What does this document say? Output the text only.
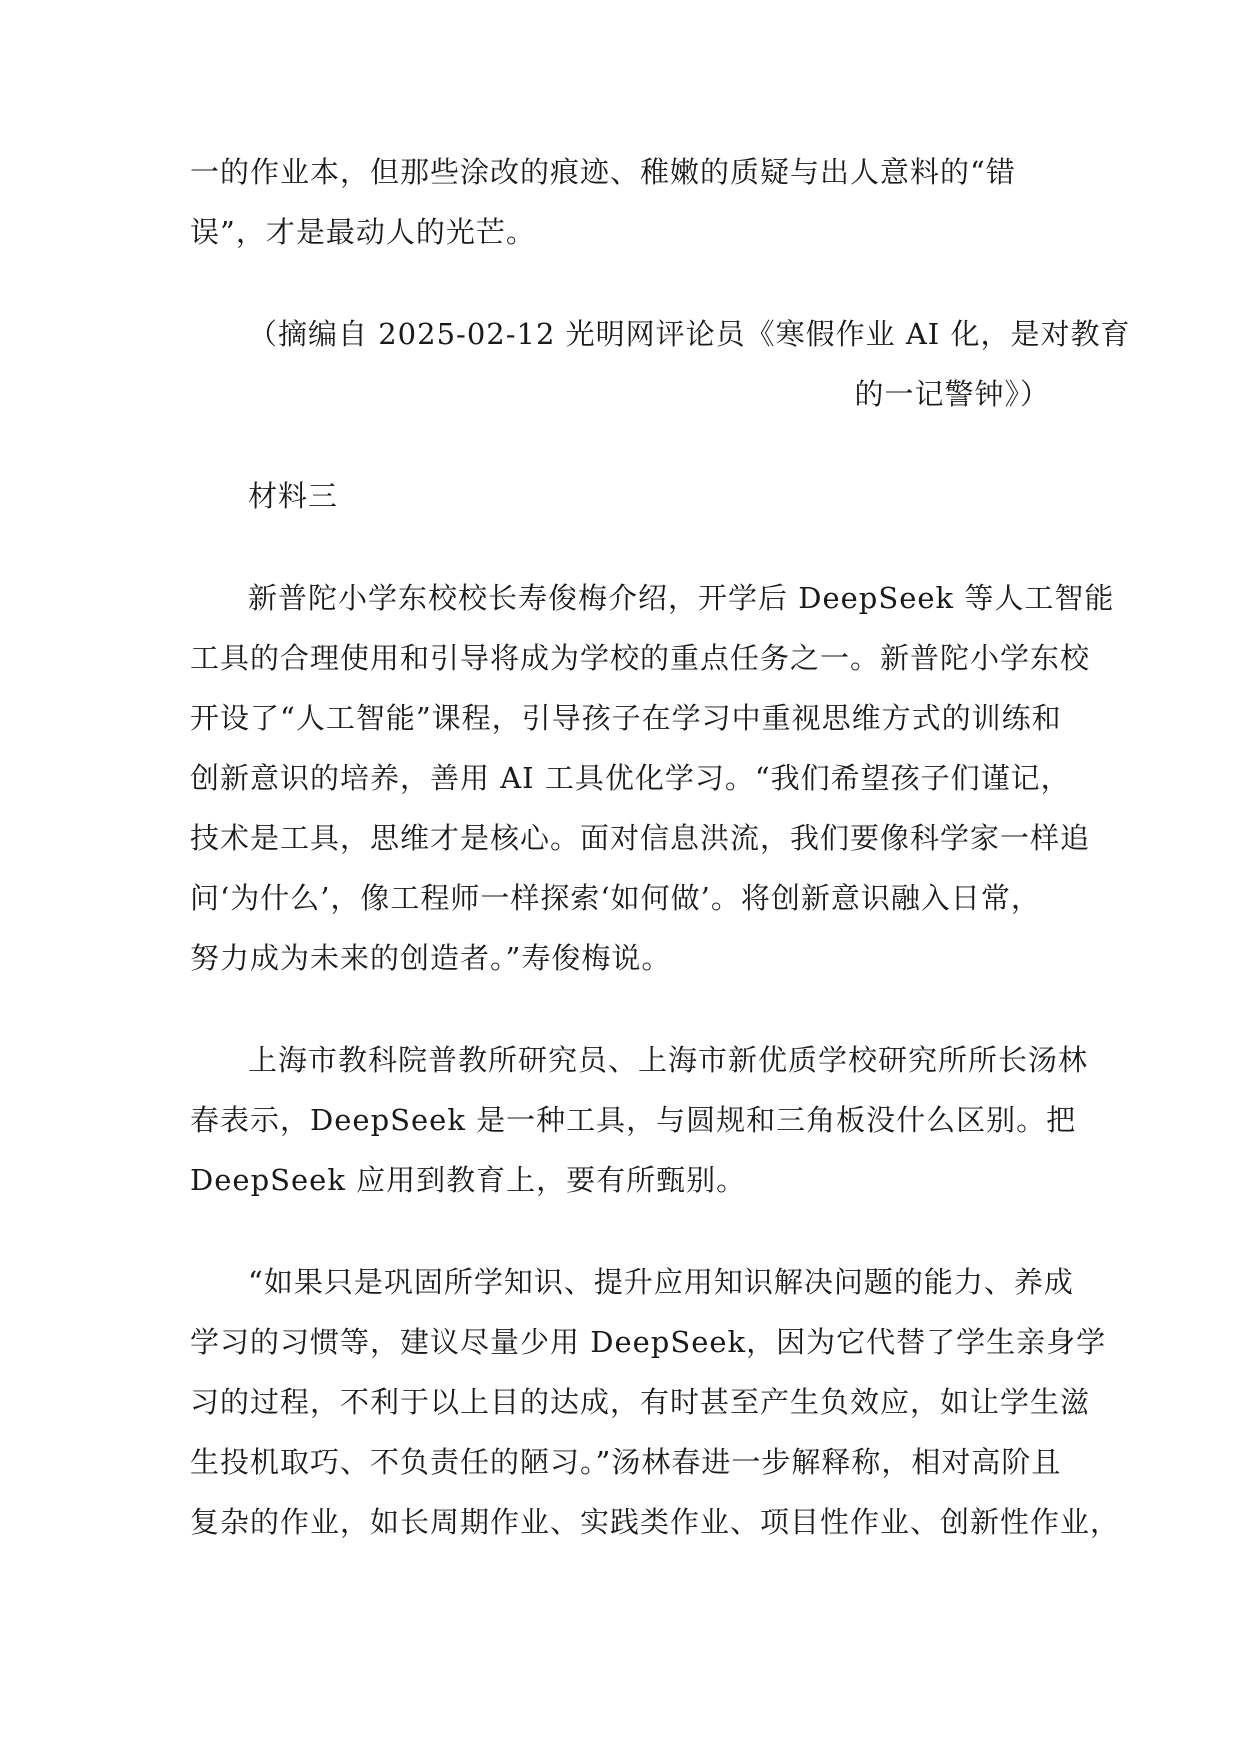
一的作业本，但那些涂改的痕迹、稚嫩的质疑与出人意料的“错
误”，才是最动人的光芒。
（摘编自 2025-02-12 光明网评论员《寒假作业 AI 化，是对教育
的一记警钟》）
材料三
新普陀小学东校校长寿俊梅介绍，开学后 DeepSeek 等人工智能
工具的合理使用和引导将成为学校的重点任务之一。新普陀小学东校
开设了“人工智能”课程，引导孩子在学习中重视思维方式的训练和
创新意识的培养，善用 AI 工具优化学习。“我们希望孩子们谨记，
技术是工具，思维才是核心。面对信息洪流，我们要像科学家一样追
问‘为什么’，像工程师一样探索‘如何做’。将创新意识融入日常，
努力成为未来的创造者。”寿俊梅说。
上海市教科院普教所研究员、上海市新优质学校研究所所长汤林
春表示，DeepSeek 是一种工具，与圆规和三角板没什么区别。把
DeepSeek 应用到教育上，要有所甄别。
“如果只是巩固所学知识、提升应用知识解决问题的能力、养成
学习的习惯等，建议尽量少用 DeepSeek，因为它代替了学生亲身学
习的过程，不利于以上目的达成，有时甚至产生负效应，如让学生滋
生投机取巧、不负责任的陋习。”汤林春进一步解释称，相对高阶且
复杂的作业，如长周期作业、实践类作业、项目性作业、创新性作业，
